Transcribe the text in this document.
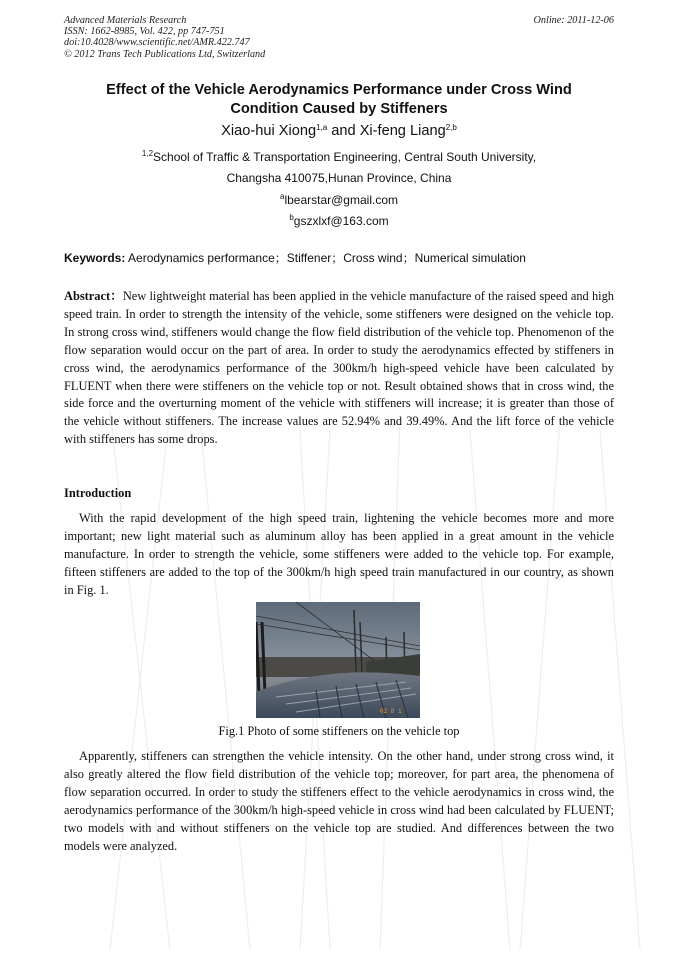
Advanced Materials Research
ISSN: 1662-8985, Vol. 422, pp 747-751
doi:10.4028/www.scientific.net/AMR.422.747
© 2012 Trans Tech Publications Ltd, Switzerland
Online: 2011-12-06
Effect of the Vehicle Aerodynamics Performance under Cross Wind
Condition Caused by Stiffeners
Xiao-hui Xiong$^{1,a}$ and Xi-feng Liang$^{2,b}$
$^{1,2}$School of Traffic & Transportation Engineering, Central South University,
Changsha 410075,Hunan Province, China
$^a$lbearstar@gmail.com
$^b$gszxlxf@163.com
Keywords: Aerodynamics performance；Stiffener；Cross wind；Numerical simulation
Abstract：New lightweight material has been applied in the vehicle manufacture of the raised speed and high speed train. In order to strength the intensity of the vehicle, some stiffeners were designed on the vehicle top. In strong cross wind, stiffeners would change the flow field distribution of the vehicle top. Phenomenon of the flow separation would occur on the part of area. In order to study the aerodynamics effected by stiffeners in cross wind, the aerodynamics performance of the 300km/h high-speed vehicle have been calculated by FLUENT when there were stiffeners on the vehicle top or not. Result obtained shows that in cross wind, the side force and the overturning moment of the vehicle with stiffeners will increase; it is greater than those of the vehicle without stiffeners. The increase values are 52.94% and 39.49%. And the lift force of the vehicle with stiffeners has some drops.
Introduction
With the rapid development of the high speed train, lightening the vehicle becomes more and more important; new light material such as aluminum alloy has been applied in a great amount in the vehicle manufacture. In order to strength the vehicle, some stiffeners were added to the vehicle top. For example, fifteen stiffeners are added to the top of the 300km/h high speed train manufactured in our country, as shown in Fig. 1.
02 8 1
Fig.1 Photo of some stiffeners on the vehicle top
Apparently, stiffeners can strengthen the vehicle intensity. On the other hand, under strong cross wind, it also greatly altered the flow field distribution of the vehicle top; moreover, for part area, the phenomena of flow separation occurred. In order to study the stiffeners effect to the vehicle aerodynamics in cross wind, the aerodynamics performance of the 300km/h high-speed vehicle in cross wind had been calculated by FLUENT; two models with and without stiffeners on the vehicle top are studied. And differences between the two models were analyzed.
